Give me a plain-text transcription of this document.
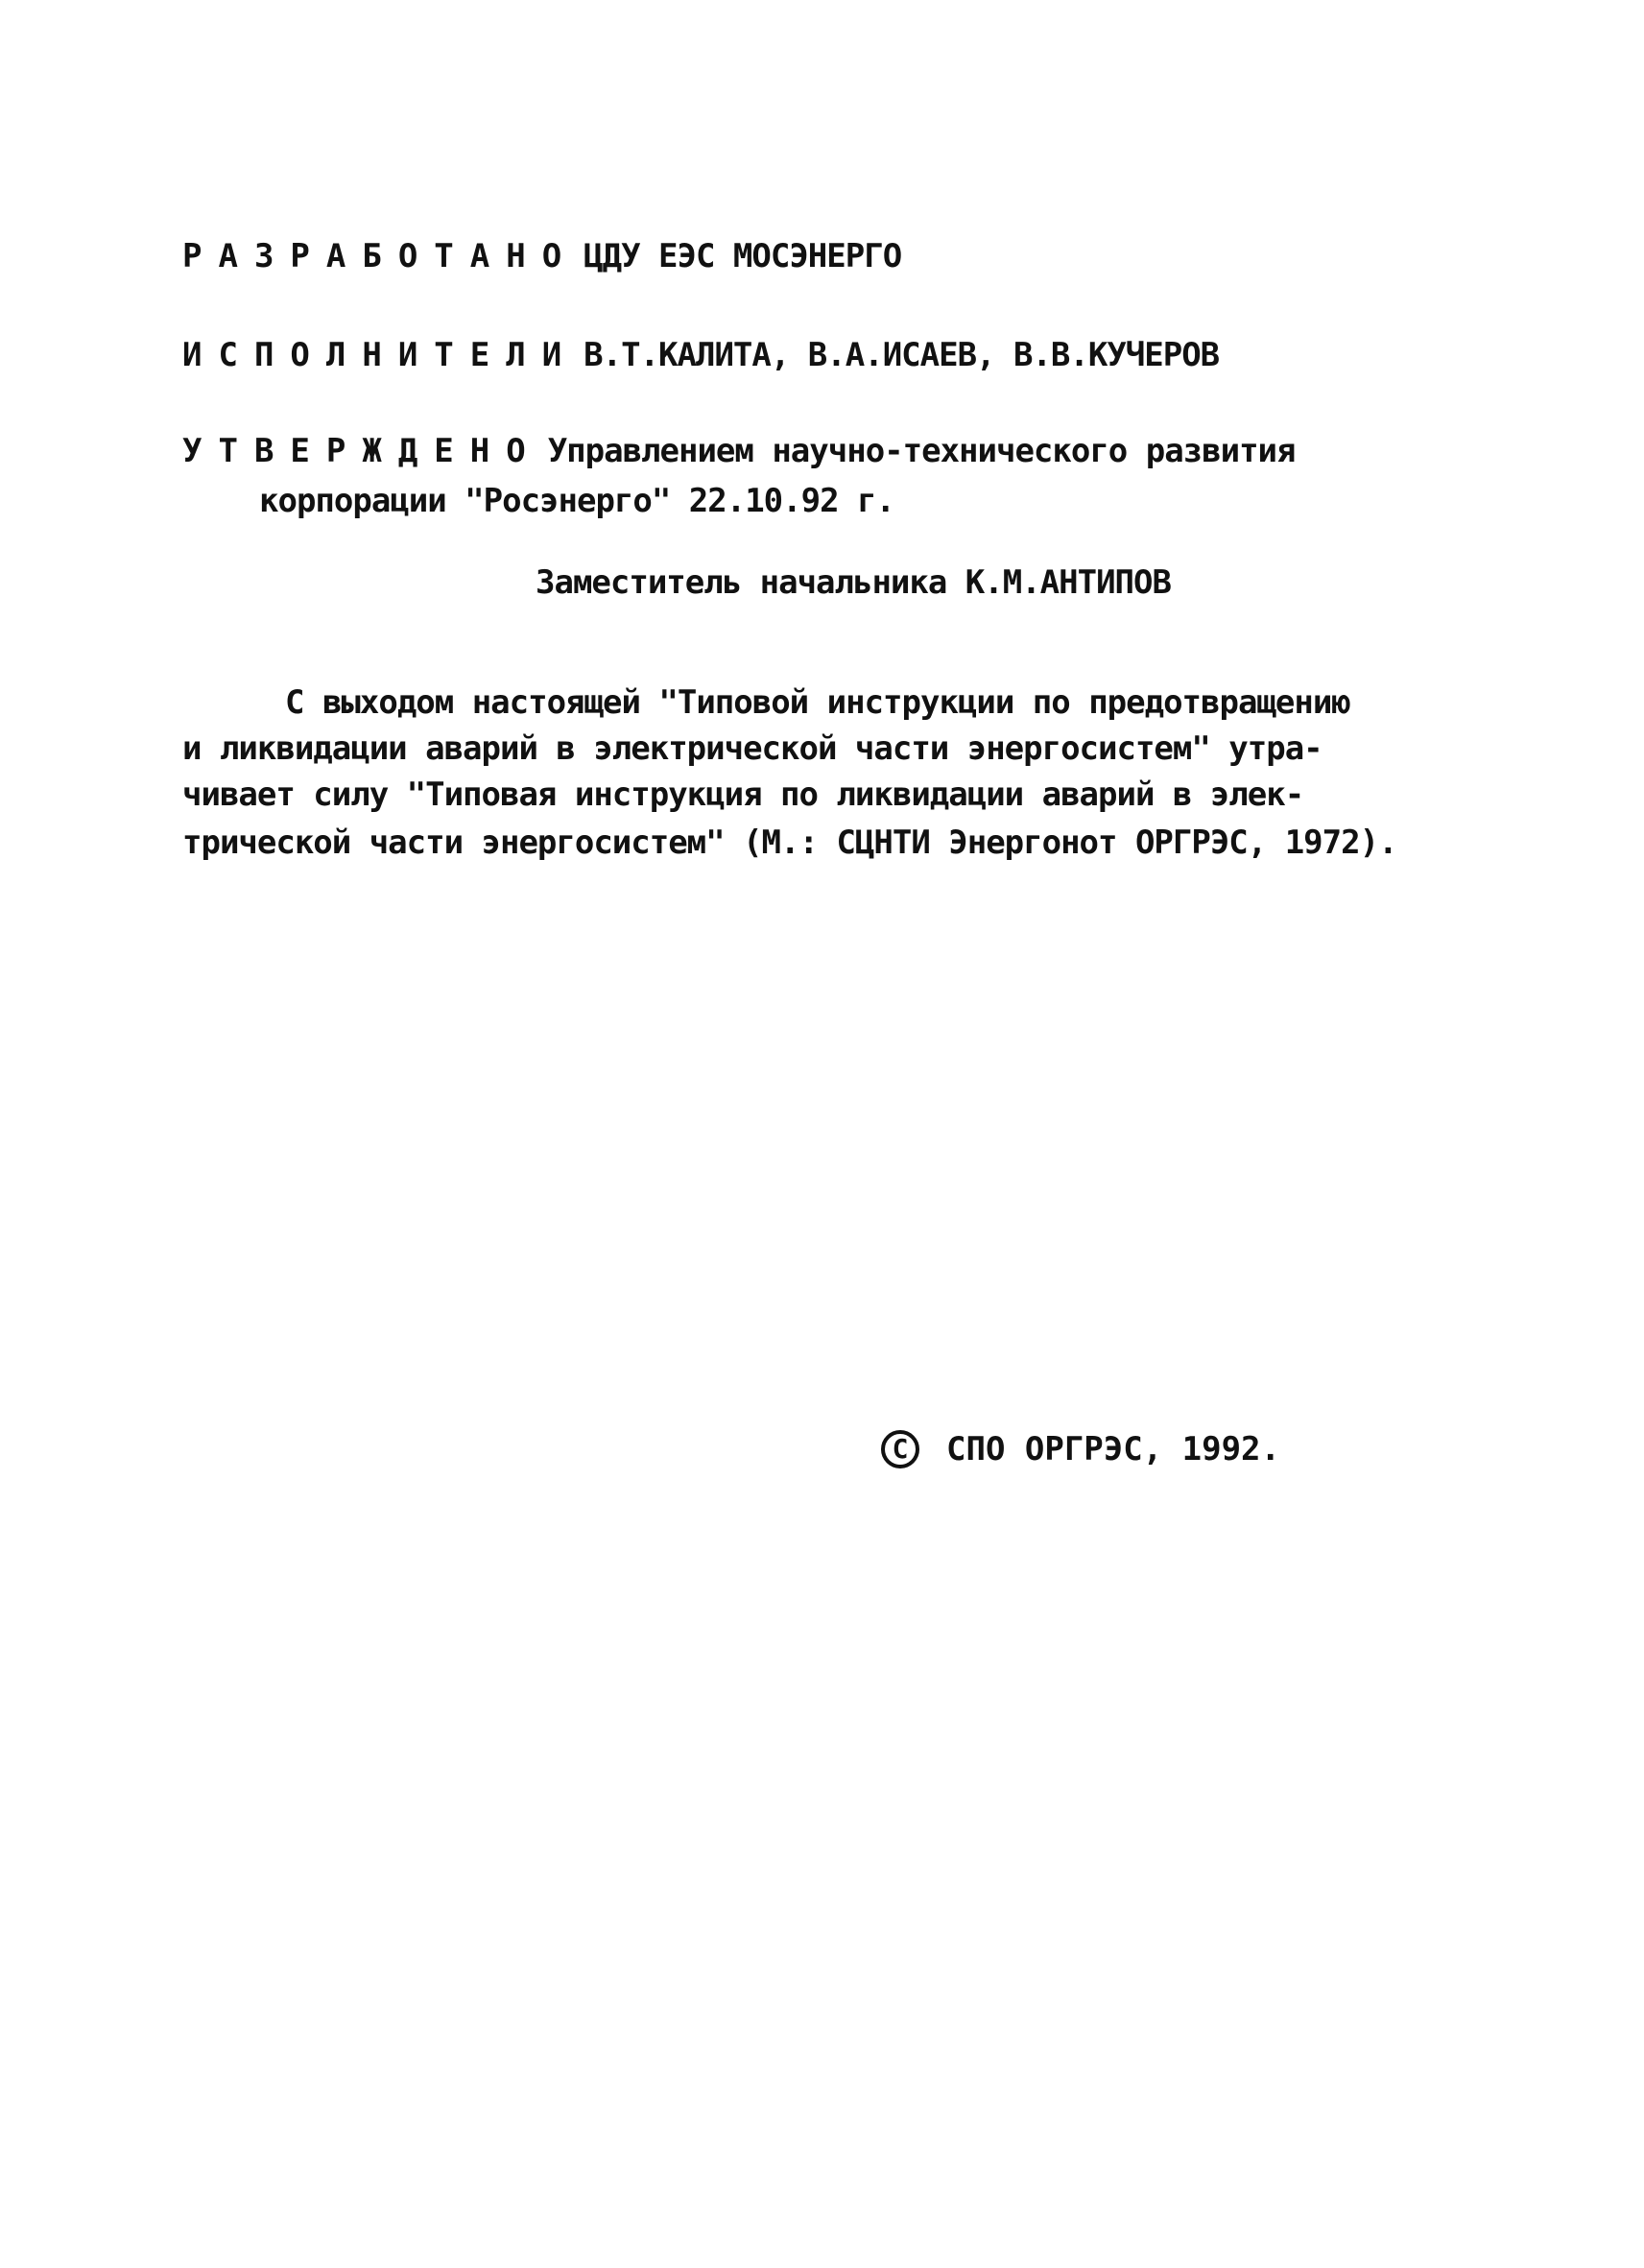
РАЗРАБОТАНО ЦДУ ЕЭС МОСЭНЕРГО
ИСПОЛНИТЕЛИ В.Т.КАЛИТА, В.А.ИСАЕВ, В.В.КУЧЕРОВ
УТВЕРЖДЕНО Управлением научно-технического развития
корпорации "Росэнерго" 22.10.92 г.
Заместитель начальника К.М.АНТИПОВ
С выходом настоящей "Типовой инструкции по предотвращению
и ликвидации аварий в электрической части энергосистем" утра-
чивает силу "Типовая инструкция по ликвидации аварий в элек-
трической части энергосистем" (М.: СЦНТИ Энергонот ОРГРЭС, 1972).
C	СПО ОРГРЭС, 1992.
